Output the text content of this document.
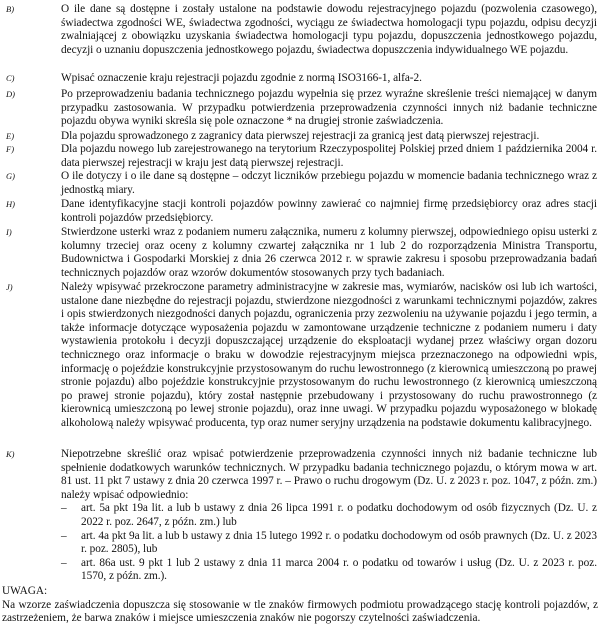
B)	O ile dane są dostępne i zostały ustalone na podstawie dowodu rejestracyjnego pojazdu (pozwolenia czasowego), świadectwa zgodności WE, świadectwa zgodności, wyciągu ze świadectwa homologacji typu pojazdu, odpisu decyzji zwalniającej z obowiązku uzyskania świadectwa homologacji typu pojazdu, dopuszczenia jednostkowego pojazdu, decyzji o uznaniu dopuszczenia jednostkowego pojazdu, świadectwa dopuszczenia indywidualnego WE pojazdu.
C)	Wpisać oznaczenie kraju rejestracji pojazdu zgodnie z normą ISO3166-1, alfa-2.
D)	Po przeprowadzeniu badania technicznego pojazdu wypełnia się przez wyraźne skreślenie treści niemającej w danym przypadku zastosowania. W przypadku potwierdzenia przeprowadzenia czynności innych niż badanie techniczne pojazdu obywa wyniki skreśla się pole oznaczone * na drugiej stronie zaświadczenia.
E)	Dla pojazdu sprowadzonego z zagranicy data pierwszej rejestracji za granicą jest datą pierwszej rejestracji.
F)	Dla pojazdu nowego lub zarejestrowanego na terytorium Rzeczypospolitej Polskiej przed dniem 1 października 2004 r. data pierwszej rejestracji w kraju jest datą pierwszej rejestracji.
G)	O ile dotyczy i o ile dane są dostępne – odczyt liczników przebiegu pojazdu w momencie badania technicznego wraz z jednostką miary.
H)	Dane identyfikacyjne stacji kontroli pojazdów powinny zawierać co najmniej firmę przedsiębiorcy oraz adres stacji kontroli pojazdów przedsiębiorcy.
I)	Stwierdzone usterki wraz z podaniem numeru załącznika, numeru z kolumny pierwszej, odpowiedniego opisu usterki z kolumny trzeciej oraz oceny z kolumny czwartej załącznika nr 1 lub 2 do rozporządzenia Ministra Transportu, Budownictwa i Gospodarki Morskiej z dnia 26 czerwca 2012 r. w sprawie zakresu i sposobu przeprowadzania badań technicznych pojazdów oraz wzorów dokumentów stosowanych przy tych badaniach.
J)	Należy wpisywać przekroczone parametry administracyjne w zakresie mas, wymiarów, nacisków osi lub ich wartości, ustalone dane niezbędne do rejestracji pojazdu, stwierdzone niezgodności z warunkami technicznymi pojazdów, zakres i opis stwierdzonych niezgodności danych pojazdu, ograniczenia przy zezwoleniu na używanie pojazdu i jego termin, a także informacje dotyczące wyposażenia pojazdu w zamontowane urządzenie techniczne z podaniem numeru i daty wystawienia protokołu i decyzji dopuszczającej urządzenie do eksploatacji wydanej przez właściwy organ dozoru technicznego oraz informacje o braku w dowodzie rejestracyjnym miejsca przeznaczonego na odpowiedni wpis, informację o pojeździe konstrukcyjnie przystosowanym do ruchu lewostronnego (z kierownicą umieszczoną po prawej stronie pojazdu) albo pojeździe konstrukcyjnie przystosowanym do ruchu lewostronnego (z kierownicą umieszczoną po prawej stronie pojazdu), który został następnie przebudowany i przystosowany do ruchu prawostronnego (z kierownicą umieszczoną po lewej stronie pojazdu), oraz inne uwagi. W przypadku pojazdu wyposażonego w blokadę alkoholową należy wpisywać producenta, typ oraz numer seryjny urządzenia na podstawie dokumentu kalibracyjnego.
K)	Niepotrzebne skreślić oraz wpisać potwierdzenie przeprowadzenia czynności innych niż badanie techniczne lub spełnienie dodatkowych warunków technicznych. W przypadku badania technicznego pojazdu, o którym mowa w art. 81 ust. 11 pkt 7 ustawy z dnia 20 czerwca 1997 r. – Prawo o ruchu drogowym (Dz. U. z 2023 r. poz. 1047, z późn. zm.) należy wpisać odpowiednio:
– art. 5a pkt 19a lit. a lub b ustawy z dnia 26 lipca 1991 r. o podatku dochodowym od osób fizycznych (Dz. U. z 2022 r. poz. 2647, z późn. zm.) lub
– art. 4a pkt 9a lit. a lub b ustawy z dnia 15 lutego 1992 r. o podatku dochodowym od osób prawnych (Dz. U. z 2023 r. poz. 2805), lub
– art. 86a ust. 9 pkt 1 lub 2 ustawy z dnia 11 marca 2004 r. o podatku od towarów i usług (Dz. U. z 2023 r. poz. 1570, z późn. zm.).
UWAGA:
Na wzorze zaświadczenia dopuszcza się stosowanie w tle znaków firmowych podmiotu prowadzącego stację kontroli pojazdów, z zastrzeżeniem, że barwa znaków i miejsce umieszczenia znaków nie pogorszy czytelności zaświadczenia.
